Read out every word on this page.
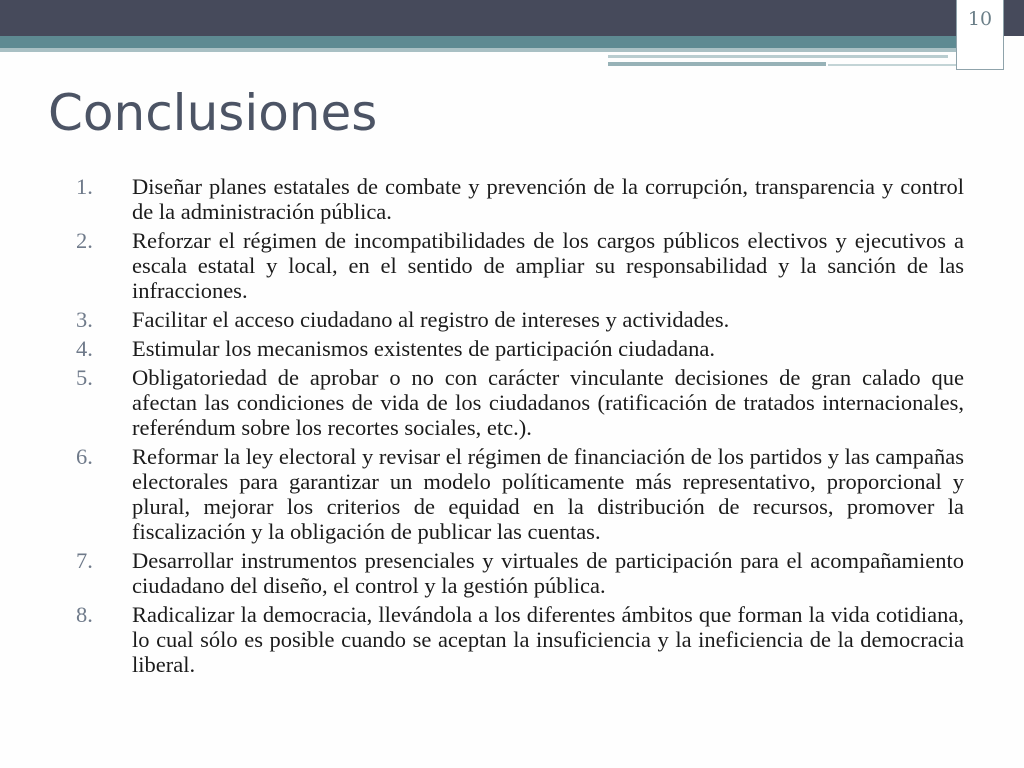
10
Conclusiones
1.	Diseñar planes estatales de combate y prevención de la corrupción, transparencia y control de la administración pública.
2.	Reforzar el régimen de incompatibilidades de los cargos públicos electivos y ejecutivos a escala estatal y local, en el sentido de ampliar su responsabilidad y la sanción de las infracciones.
3.	Facilitar el acceso ciudadano al registro de intereses y actividades.
4.	Estimular los mecanismos existentes de participación ciudadana.
5.	Obligatoriedad de aprobar o no con carácter vinculante decisiones de gran calado que afectan las condiciones de vida de los ciudadanos (ratificación de tratados internacionales, referéndum sobre los recortes sociales, etc.).
6.	Reformar la ley electoral y revisar el régimen de financiación de los partidos y las campañas electorales para garantizar un modelo políticamente más representativo, proporcional y plural, mejorar los criterios de equidad en la distribución de recursos, promover la fiscalización y la obligación de publicar las cuentas.
7.	Desarrollar instrumentos presenciales y virtuales de participación para el acompañamiento ciudadano del diseño, el control y la gestión pública.
8.	Radicalizar la democracia, llevándola a los diferentes ámbitos que forman la vida cotidiana, lo cual sólo es posible cuando se aceptan la insuficiencia y la ineficiencia de la democracia liberal.
